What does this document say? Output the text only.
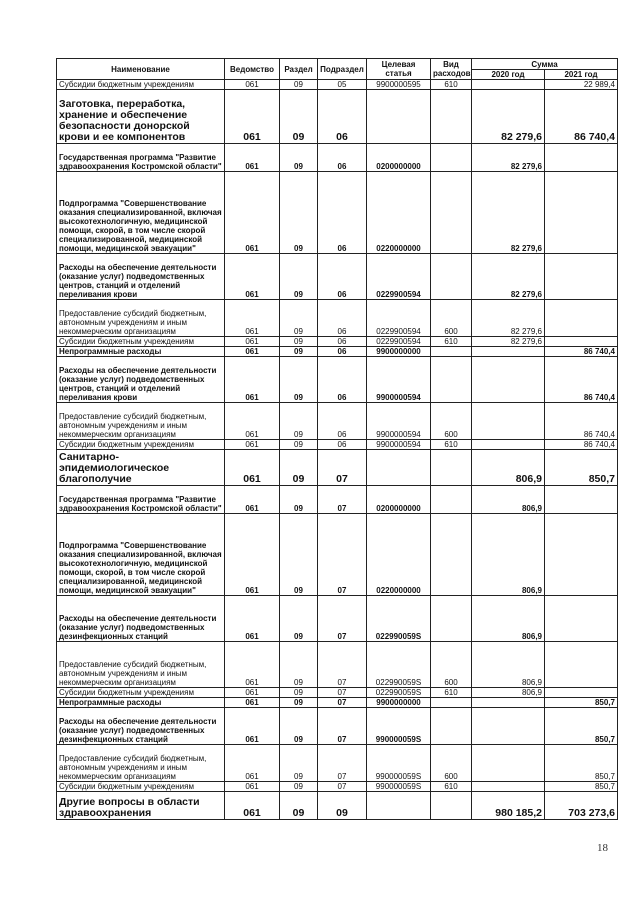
Наименование	Ведомство	Раздел	Подраздел	Целевая статья	Вид расходов	Сумма	
						2020 год	2021 год
Субсидии бюджетным учреждениям	061	09	05	9900000595	610		22 989,4
Заготовка, переработка, хранение и обеспечение безопасности донорской крови и ее компонентов	061	09	06			82 279,6	86 740,4
Государственная программа "Развитие здравоохранения Костромской области"	061	09	06	0200000000		82 279,6	
Подпрограмма "Совершенствование оказания специализированной, включая высокотехнологичную, медицинской помощи, скорой, в том числе скорой специализированной, медицинской помощи, медицинской эвакуации"	061	09	06	0220000000		82 279,6	
Расходы на обеспечение деятельности (оказание услуг) подведомственных центров, станций и отделений переливания крови	061	09	06	0229900594		82 279,6	
Предоставление субсидий бюджетным, автономным учреждениям и иным некоммерческим организациям	061	09	06	0229900594	600	82 279,6	
Субсидии бюджетным учреждениям	061	09	06	0229900594	610	82 279,6	
Непрограммные расходы	061	09	06	9900000000			86 740,4
Расходы на обеспечение деятельности (оказание услуг) подведомственных центров, станций и отделений переливания крови	061	09	06	9900000594			86 740,4
Предоставление субсидий бюджетным, автономным учреждениям и иным некоммерческим организациям	061	09	06	9900000594	600		86 740,4
Субсидии бюджетным учреждениям	061	09	06	9900000594	610		86 740,4
Санитарно-эпидемиологическое благополучие	061	09	07			806,9	850,7
Государственная программа "Развитие здравоохранения Костромской области"	061	09	07	0200000000		806,9	
Подпрограмма "Совершенствование оказания специализированной, включая высокотехнологичную, медицинской помощи, скорой, в том числе скорой специализированной, медицинской помощи, медицинской эвакуации"	061	09	07	0220000000		806,9	
Расходы на обеспечение деятельности (оказание услуг) подведомственных дезинфекционных станций	061	09	07	022990059S		806,9	
Предоставление субсидий бюджетным, автономным учреждениям и иным некоммерческим организациям	061	09	07	022990059S	600	806,9	
Субсидии бюджетным учреждениям	061	09	07	022990059S	610	806,9	
Непрограммные расходы	061	09	07	9900000000			850,7
Расходы на обеспечение деятельности (оказание услуг) подведомственных дезинфекционных станций	061	09	07	990000059S			850,7
Предоставление субсидий бюджетным, автономным учреждениям и иным некоммерческим организациям	061	09	07	990000059S	600		850,7
Субсидии бюджетным учреждениям	061	09	07	990000059S	610		850,7
Другие вопросы в области здравоохранения	061	09	09			980 185,2	703 273,6
18
